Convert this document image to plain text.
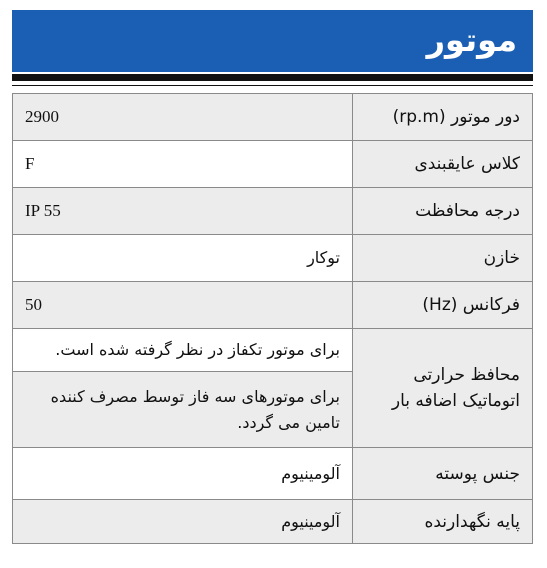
موتور
دور موتور (rp.m)	2900
کلاس عایقبندی	F
درجه محافظت	IP 55
خازن	توکار
فرکانس (Hz)	50
محافظ حرارتی اتوماتیک اضافه بار	برای موتور تکفاز در نظر گرفته شده است.
	برای موتورهای سه فاز توسط مصرف کننده تامین می گردد.
جنس پوسته	آلومینیوم
پایه نگهدارنده	آلومینیوم
